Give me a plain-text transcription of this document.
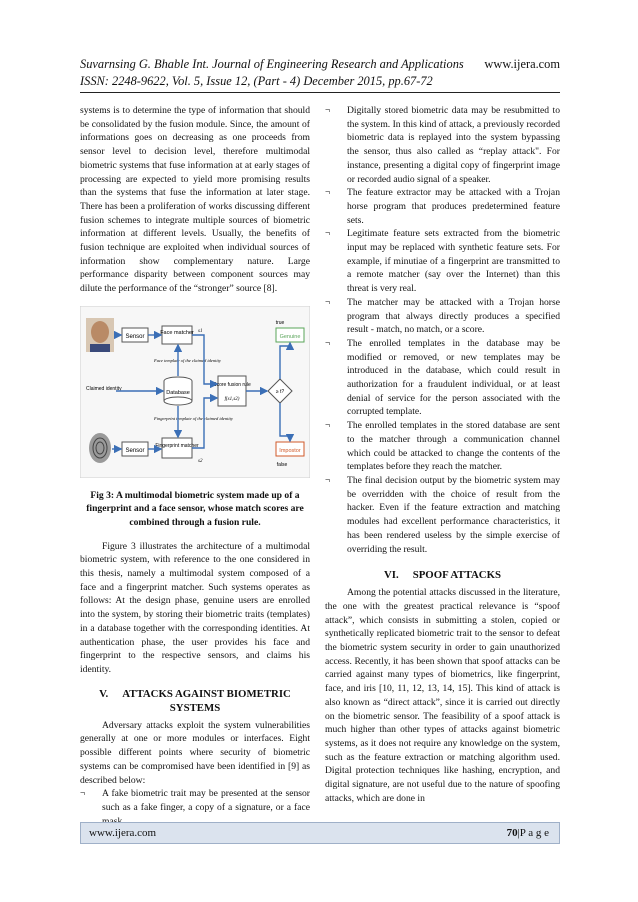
Suvarnsing G. Bhable Int. Journal of Engineering Research and Applications
ISSN: 2248-9622, Vol. 5, Issue 12, (Part - 4) December 2015, pp.67-72
www.ijera.com

systems is to determine the type of information that should be consolidated by the fusion module. Since, the amount of informations goes on decreasing as one proceeds from sensor level to decision level, therefore multimodal biometric systems that fuse information at at early stages of processing are expected to yield more promising results than the systems that fuse the information at later stage. There has been a proliferation of works discussing different fusion schemes to integrate multiple sources of biometric information at different levels. Usually, the benefits of fusion technique are exploited when individual sources of information show complementary nature. Large performance disparity between component sources may dilute the performance of the “stronger” source [8].

Sensor
Sensor
Face matcher
Fingerprint matcher
Database
Face template of the claimed identity
Fingerprint template of the claimed identity
Claimed identity
Score fusion rule
f(s1,s2)
≥ t?
Genuine
Impostor
true
false
s1
s2
Fig 3: A multimodal biometric system made up of a fingerprint and a face sensor, whose match scores are combined through a fusion rule.

Figure 3 illustrates the architecture of a multimodal biometric system, with reference to the one considered in this thesis, namely a multimodal system composed of a face and a fingerprint matcher. Such systems operates as follows: At the design phase, genuine users are enrolled into the system, by storing their biometric traits (templates) in a database together with the corresponding identities. At authentication phase, the user provides his face and fingerprint to the respective sensors, and claims his identity.

V. ATTACKS AGAINST BIOMETRIC SYSTEMS

Adversary attacks exploit the system vulnerabilities generally at one or more modules or interfaces. Eight possible different points where security of biometric systems can be compromised have been identified in [9] as described below:

¬	A fake biometric trait may be presented at the sensor such as a fake finger, a copy of a signature, or a face
¬	Digitally stored biometric data may be resubmitted to the system. In this kind of attack, a previously recorded biometric data is replayed into the system bypassing the sensor, thus also called as “replay attack". For instance, presenting a digital copy of fingerprint image or recorded audio signal of a speaker.
¬	The feature extractor may be attacked with a Trojan horse program that produces predetermined feature sets.
¬	Legitimate feature sets extracted from the biometric input may be replaced with synthetic feature sets. For example, if minutiae of a fingerprint are transmitted to a remote matcher (say over the Internet) than this threat is very real.
¬	The matcher may be attacked with a Trojan horse program that always directly produces a specified result - match, no match, or a score.
¬	The enrolled templates in the database may be modified or removed, or new templates may be introduced in the database, which could result in authorization for a fraudulent individual, or at least denial of service for the person associated with the corrupted template.
¬	The enrolled templates in the stored database are sent to the matcher through a communication channel which could be attacked to change the contents of the templates before they reach the matcher.
¬	The final decision output by the biometric system may be overridden with the choice of result from the hacker. Even if the feature extraction and matching modules had excellent performance characteristics, it has been rendered useless by the simple exercise of overriding the result.
VI. SPOOF ATTACKS

Among the potential attacks discussed in the literature, the one with the greatest practical relevance is “spoof attack”, which consists in submitting a stolen, copied or synthetically replicated biometric trait to the sensor to defeat the biometric system security in order to gain unauthorized access. Recently, it has been shown that spoof attacks can be carried against many types of biometrics, like fingerprint, face, and iris [10, 11, 12, 13, 14, 15]. This kind of attack is also known as “direct attack”, since it is carried out directly on the biometric sensor. The feasibility of a spoof attack is much higher than other types of attacks against biometric systems, as it does not require any knowledge on the system, such as the feature extraction or matching algorithm used. Digital protection techniques like hashing, encryption, and digital signature, are not useful due to the nature of spoofing attacks, which are done in

www.ijera.com	70|P a g e
